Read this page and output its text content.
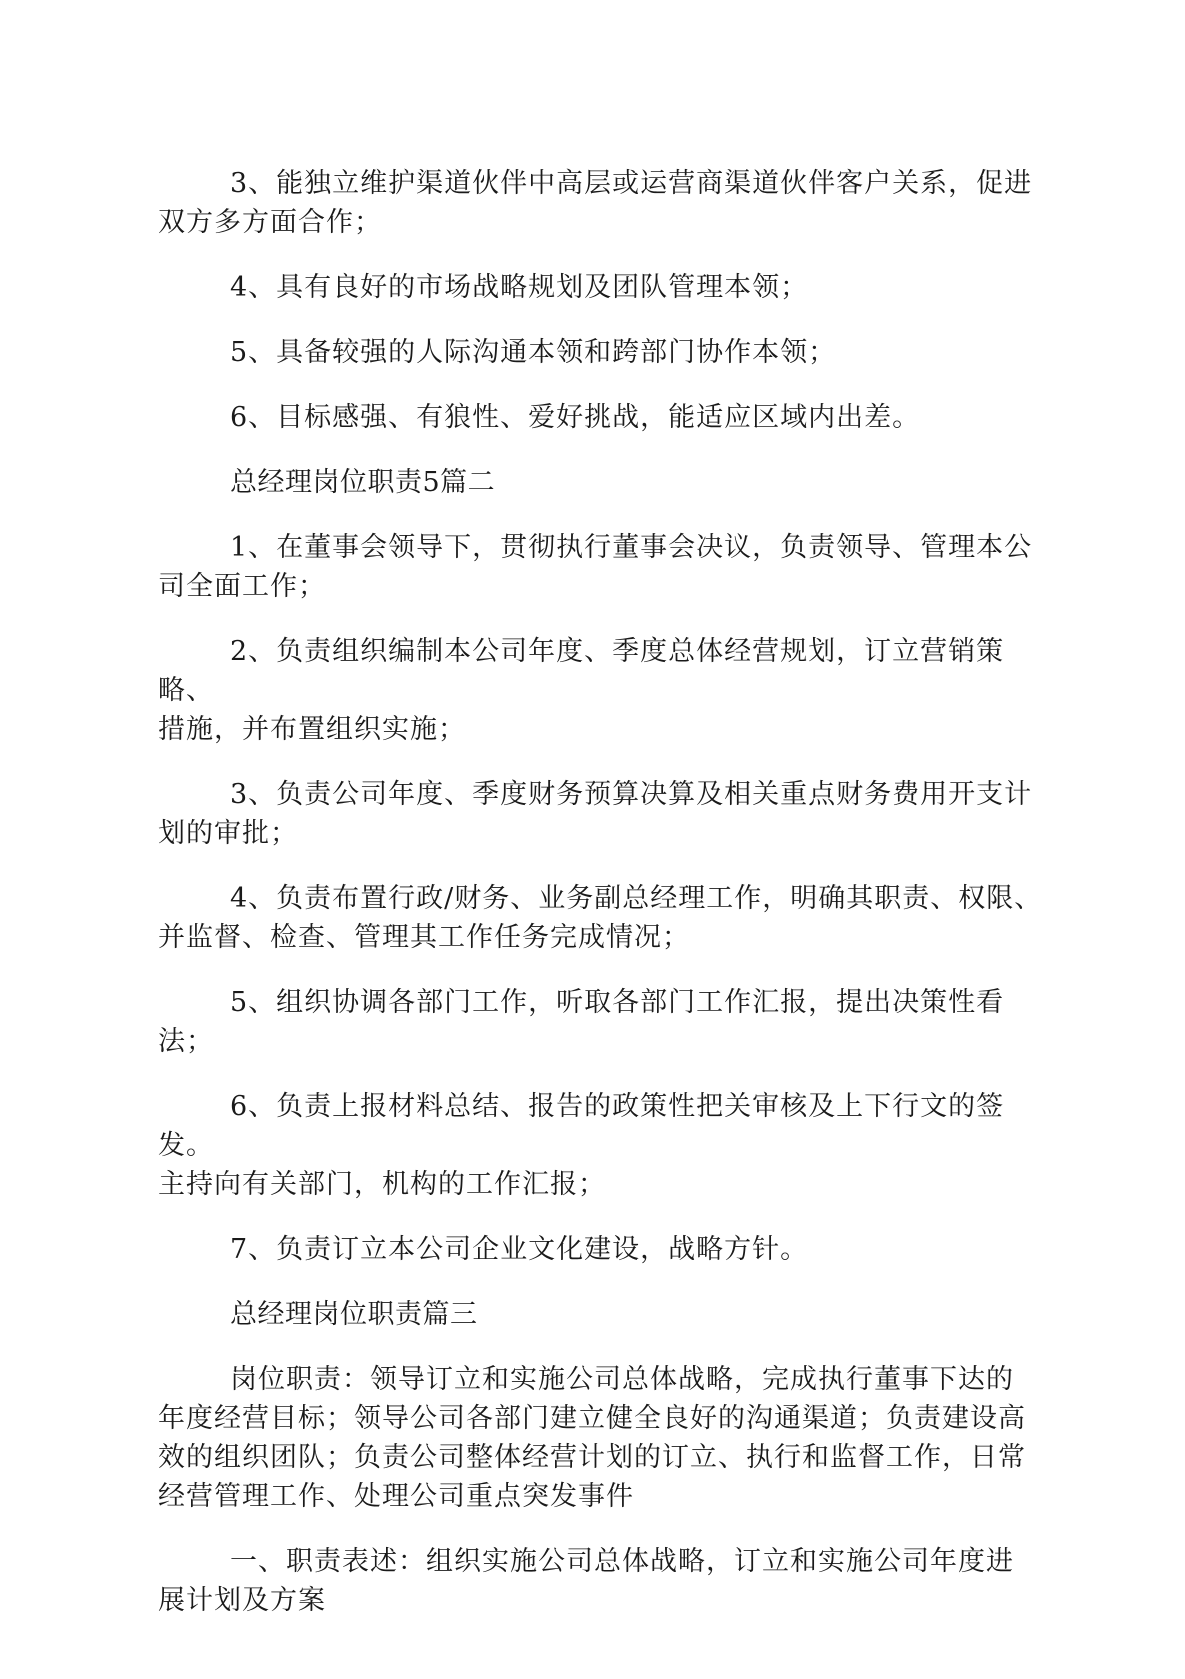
3、能独立维护渠道伙伴中高层或运营商渠道伙伴客户关系，促进
双方多方面合作；

4、具有良好的市场战略规划及团队管理本领；

5、具备较强的人际沟通本领和跨部门协作本领；

6、目标感强、有狼性、爱好挑战，能适应区域内出差。

总经理岗位职责5篇二

1、在董事会领导下，贯彻执行董事会决议，负责领导、管理本公
司全面工作；

2、负责组织编制本公司年度、季度总体经营规划，订立营销策略、
措施，并布置组织实施；

3、负责公司年度、季度财务预算决算及相关重点财务费用开支计
划的审批；

4、负责布置行政/财务、业务副总经理工作，明确其职责、权限、
并监督、检查、管理其工作任务完成情况；

5、组织协调各部门工作，听取各部门工作汇报，提出决策性看法；

6、负责上报材料总结、报告的政策性把关审核及上下行文的签发。
主持向有关部门，机构的工作汇报；

7、负责订立本公司企业文化建设，战略方针。

总经理岗位职责篇三

岗位职责：领导订立和实施公司总体战略，完成执行董事下达的
年度经营目标；领导公司各部门建立健全良好的沟通渠道；负责建设高
效的组织团队；负责公司整体经营计划的订立、执行和监督工作，日常
经营管理工作、处理公司重点突发事件

一、职责表述：组织实施公司总体战略，订立和实施公司年度进
展计划及方案
